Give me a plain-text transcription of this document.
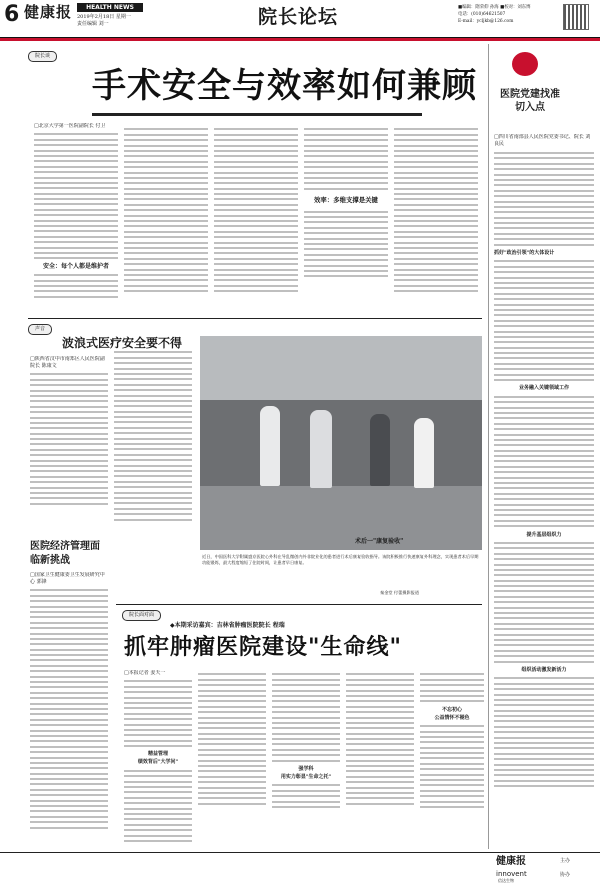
6 健康报	HEALTH NEWS
2019年2月18日 星期一
责任编辑 刘一	院长论坛	■编辑：隋荣仰 孙海 ■校对：刘东博
电话：(010)64621507
E-mail：ycljkb@126.com
院长谈
手术安全与效率如何兼顾 医院党建找准切入点
□北京大学第一医院副院长 付卫
安全：每个人都是维护者
效率：多维支撑是关键
□四川省南部县人民医院党委书记、院长 刘良民
抓好"政治引领"的大体设计
业务融入关键领域工作
提升基层组织力
组织活动激发新活力
声音
波浪式医疗安全要不得
□陕西省汉中市南郑区人民医院副院长 陈康文
医院经济管理面临新挑战
□国家卫生健康委卫生发展研究中心 郭锋
术后一"康复验收"
近日，中国医科大学附属盛京医院心外科在导乱微创内外非院业化的患者进行术后康复验收指导。该院积极推行快速康复外科理念，实现患者术后早期功能锻炼，最大程度缩短了住院时间，让患者早日康复。
秦金堂 付蕾摄影报道
院长面对面
◆本期采访嘉宾：吉林省肿瘤医院院长 程瑞
抓牢肿瘤医院建设"生命线"
□本报记者 姜天一
精益管理
绩效背后"大学问"
强学科
用实力彰显"生命之托"
不忘初心
公益情怀不褪色
健康报	主办
innovent
信达生物
协办
